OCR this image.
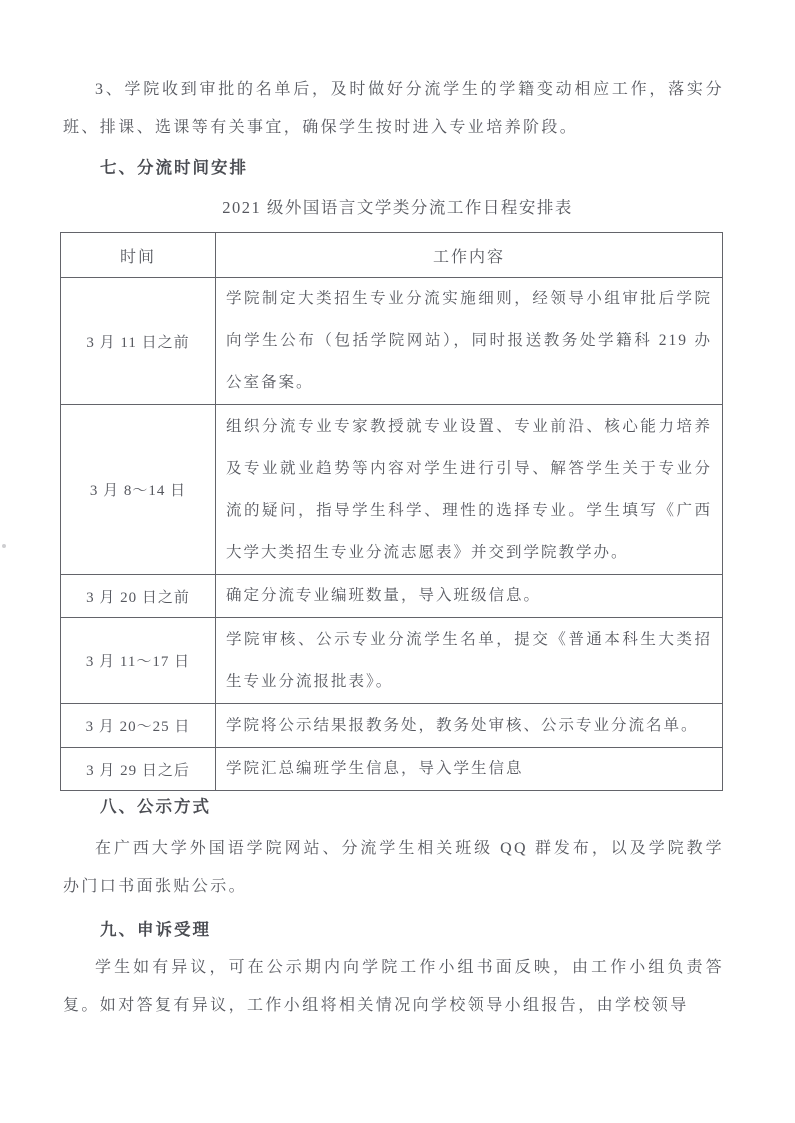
3、学院收到审批的名单后，及时做好分流学生的学籍变动相应工作，落实分班、排课、选课等有关事宜，确保学生按时进入专业培养阶段。

七、分流时间安排
2021 级外国语言文学类分流工作日程安排表
时间	工作内容
3 月 11 日之前	学院制定大类招生专业分流实施细则，经领导小组审批后学院向学生公布（包括学院网站），同时报送教务处学籍科 219 办公室备案。
3 月 8～14 日	组织分流专业专家教授就专业设置、专业前沿、核心能力培养及专业就业趋势等内容对学生进行引导、解答学生关于专业分流的疑问，指导学生科学、理性的选择专业。学生填写《广西大学大类招生专业分流志愿表》并交到学院教学办。
3 月 20 日之前	确定分流专业编班数量，导入班级信息。
3 月 11～17 日	学院审核、公示专业分流学生名单，提交《普通本科生大类招生专业分流报批表》。
3 月 20～25 日	学院将公示结果报教务处，教务处审核、公示专业分流名单。
3 月 29 日之后	学院汇总编班学生信息，导入学生信息
八、公示方式

在广西大学外国语学院网站、分流学生相关班级 QQ 群发布，以及学院教学办门口书面张贴公示。

九、申诉受理

学生如有异议，可在公示期内向学院工作小组书面反映，由工作小组负责答复。如对答复有异议，工作小组将相关情况向学校领导小组报告，由学校领导
